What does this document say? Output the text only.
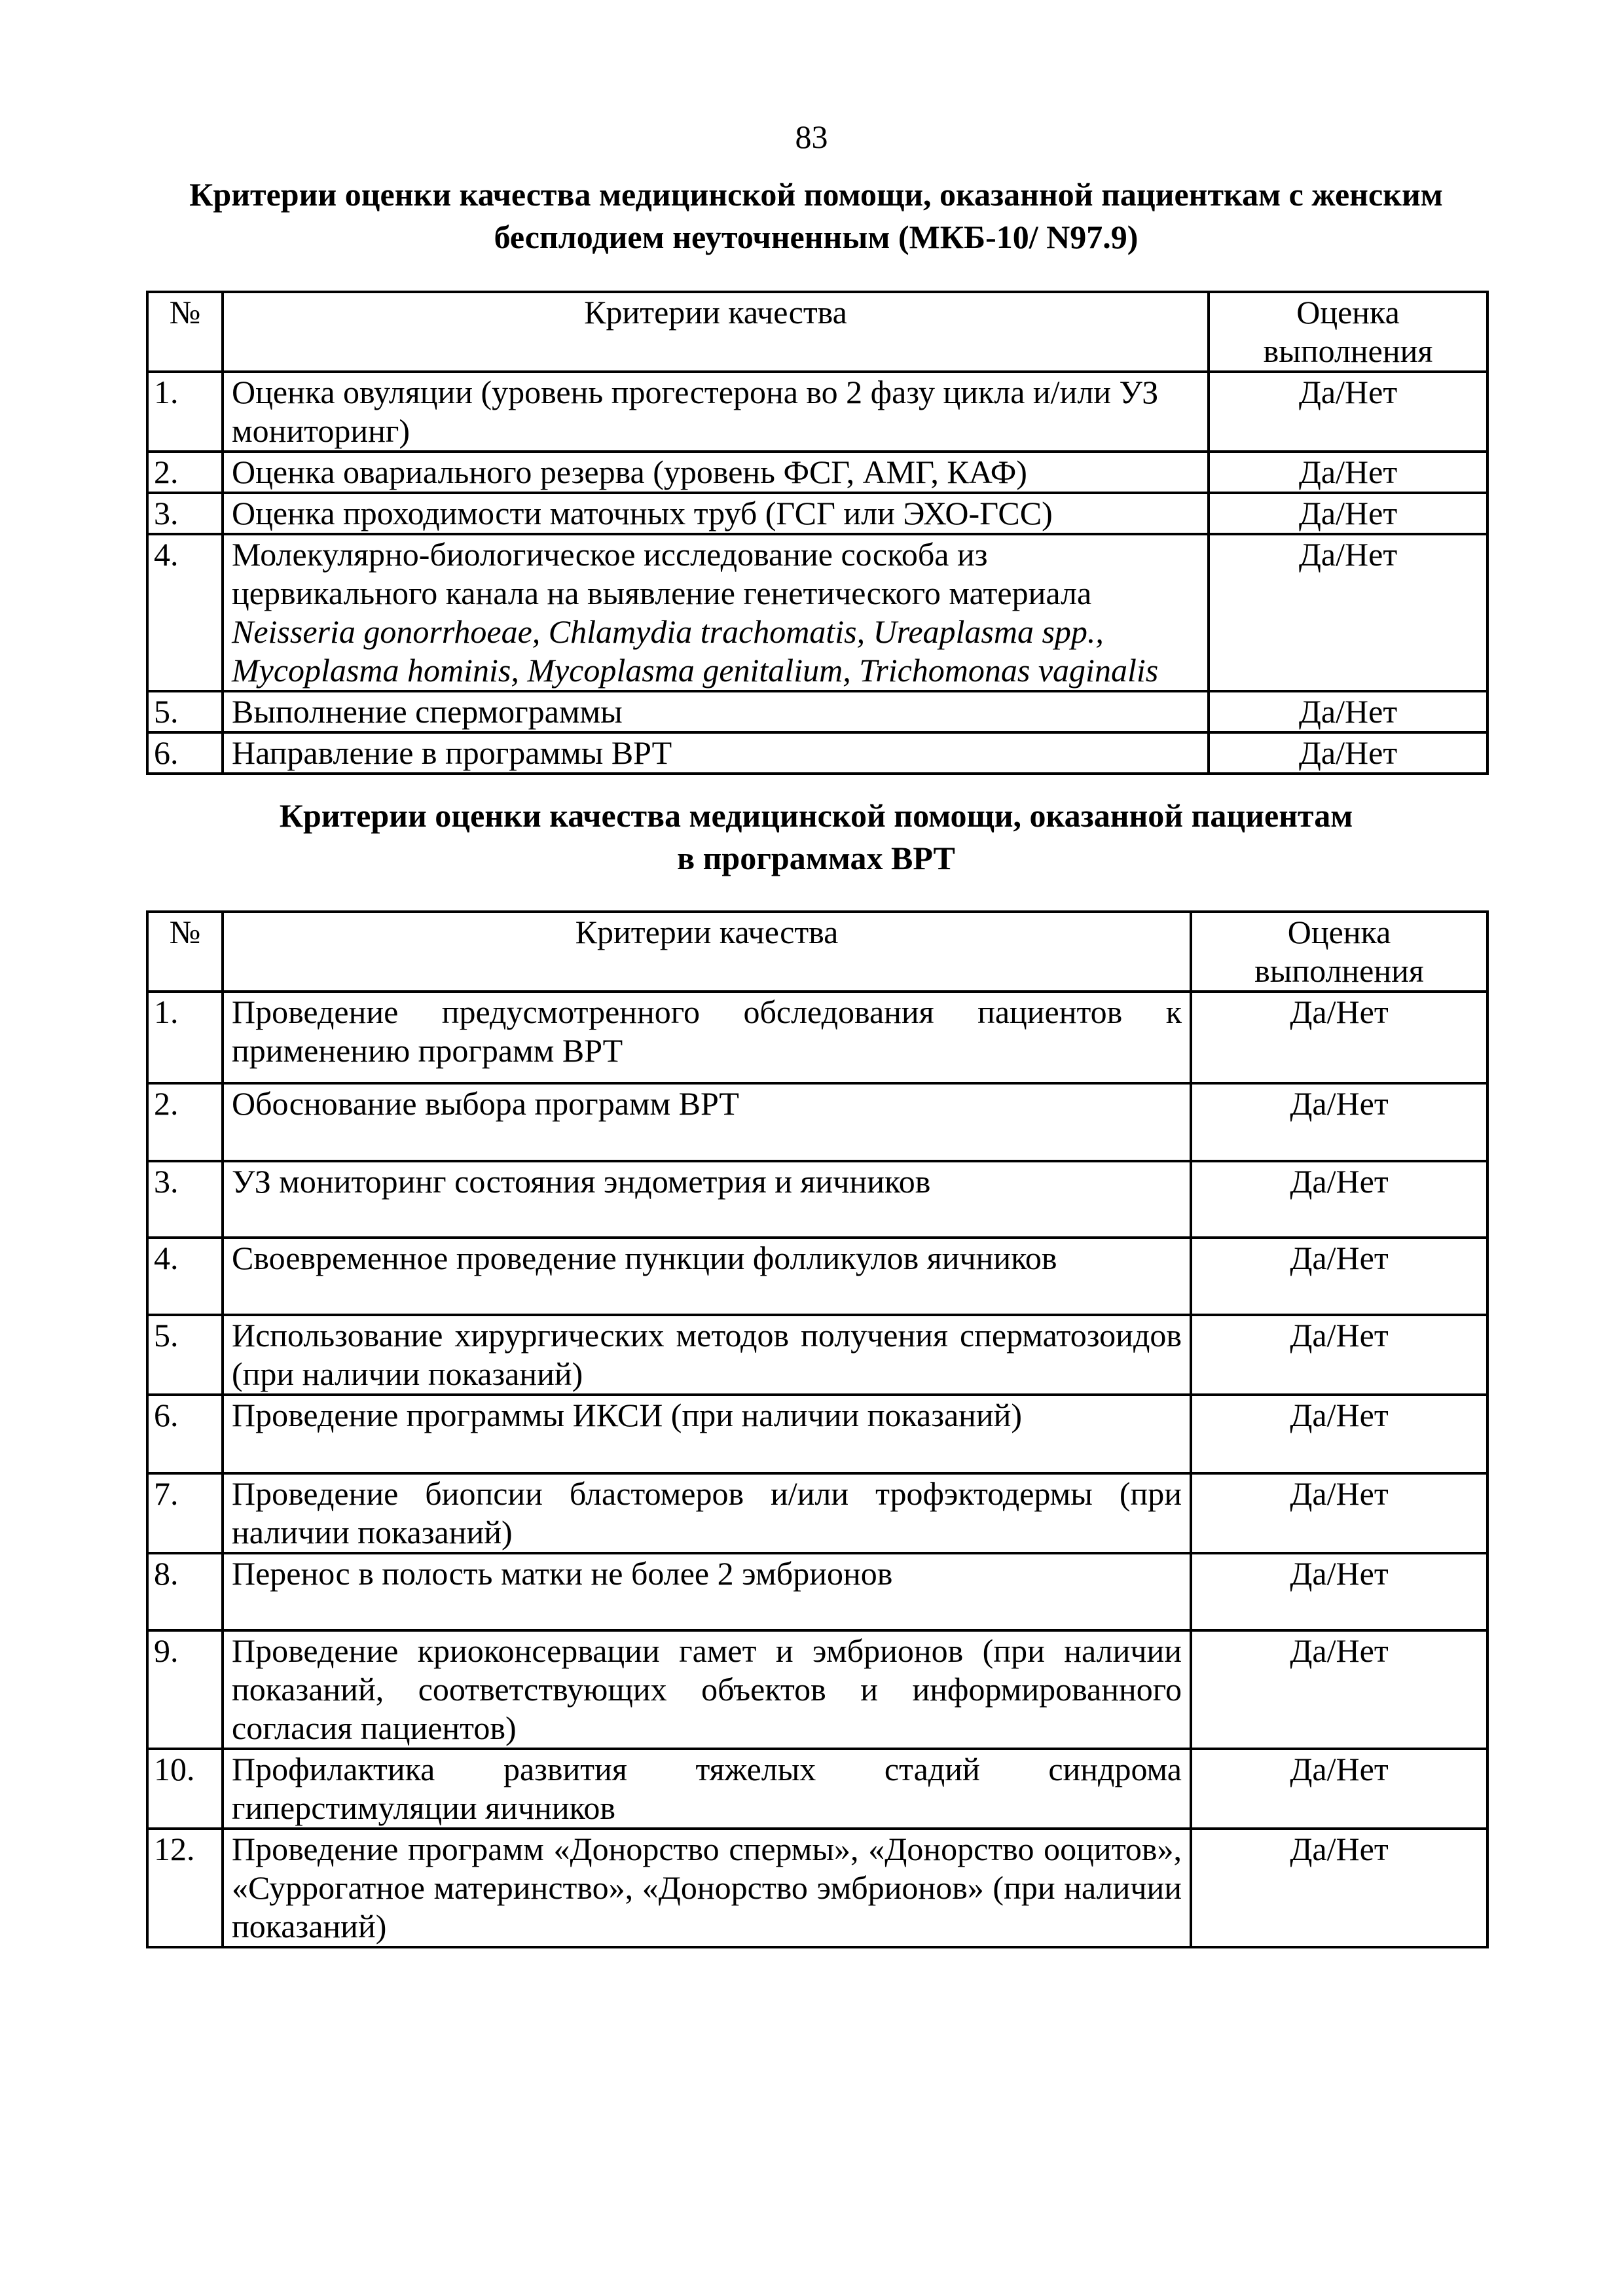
83
Критерии оценки качества медицинской помощи, оказанной пациенткам с женским
бесплодием неуточненным (МКБ-10/ N97.9)
№	Критерии качества	Оценка выполнения
1.	Оценка овуляции (уровень прогестерона во 2 фазу цикла и/или УЗ мониторинг)	Да/Нет
2.	Оценка овариального резерва (уровень ФСГ, АМГ, КАФ)	Да/Нет
3.	Оценка проходимости маточных труб (ГСГ или ЭХО-ГСС)	Да/Нет
4.	Молекулярно-биологическое исследование соскоба из цервикального канала на выявление генетического материала Neisseria gonorrhoeae, Chlamydia trachomatis, Ureaplasma spp., Mycoplasma hominis, Mycoplasma genitalium, Trichomonas vaginalis	Да/Нет
5.	Выполнение спермограммы	Да/Нет
6.	Направление в программы ВРТ	Да/Нет
Критерии оценки качества медицинской помощи, оказанной пациентам
в программах ВРТ
№	Критерии качества	Оценка выполнения
1.	Проведение предусмотренного обследования пациентов к применению программ ВРТ	Да/Нет
2.	Обоснование выбора программ ВРТ	Да/Нет
3.	УЗ мониторинг состояния эндометрия и яичников	Да/Нет
4.	Своевременное проведение пункции фолликулов яичников	Да/Нет
5.	Использование хирургических методов получения сперматозоидов (при наличии показаний)	Да/Нет
6.	Проведение программы ИКСИ (при наличии показаний)	Да/Нет
7.	Проведение биопсии бластомеров и/или трофэктодермы (при наличии показаний)	Да/Нет
8.	Перенос в полость матки не более 2 эмбрионов	Да/Нет
9.	Проведение криоконсервации гамет и эмбрионов (при наличии показаний, соответствующих объектов и информированного согласия пациентов)	Да/Нет
10.	Профилактика развития тяжелых стадий синдрома гиперстимуляции яичников	Да/Нет
12.	Проведение программ «Донорство спермы», «Донорство ооцитов», «Суррогатное материнство», «Донорство эмбрионов» (при наличии показаний)	Да/Нет
